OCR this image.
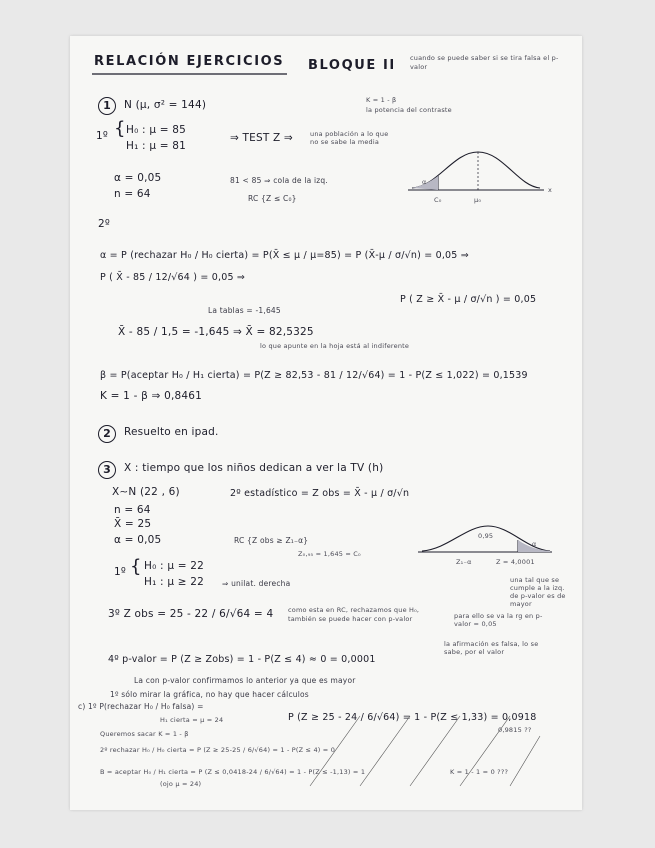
RELACIÓN EJERCICIOS BLOQUE II cuando se puede saber si se tira falsa el p-valor
1	N (μ, σ² = 144)	K = 1 - β
la potencia del contraste
1º { H₀ : μ = 85
H₁ : μ = 81
⇒ TEST Z ⇒	una población a lo que no se sabe la media
α = 0,05
n = 64
81 < 85 ⇒ cola de la izq.
RC {Z ≤ C₀}
α
C₀	μ₀
x
2º
α = P (rechazar H₀ / H₀ cierta) = P(X̄ ≤ μ / μ=85) = P (X̄-μ / σ/√n) = 0,05 ⇒
P ( X̄ - 85 / 12/√64 ) = 0,05 ⇒
P ( Z ≥ X̄ - μ / σ/√n ) = 0,05
La tablas = -1,645
X̄ - 85 / 1,5 = -1,645 ⇒ X̄ = 82,5325
lo que apunte en la hoja está al indiferente
β = P(aceptar H₀ / H₁ cierta) = P(Z ≥ 82,53 - 81 / 12/√64) = 1 - P(Z ≤ 1,022) = 0,1539
K = 1 - β ⇒ 0,8461
2	Resuelto en ipad.
3	X : tiempo que los niños dedican a ver la TV (h)
X∼N (22 , 6)	2º estadístico = Z obs = X̄ - μ / σ/√n
n = 64
X̄ = 25
α = 0,05	RC {Z obs ≥ Z₁₋α}
Z₀,₉₅ = 1,645 = C₀
0,95
α
Z₁₋α	Z = 4,0001
una tal que se cumple a la izq. de p-valor es de mayor
1º { H₀ : μ = 22
H₁ : μ ≥ 22 ⇒ unilat. derecha
3º Z obs = 25 - 22 / 6/√64 = 4 como esta en RC, rechazamos que H₀, también se puede hacer con p-valor	para ello se va la rg en p-valor = 0,05
la afirmación es falsa, lo se sabe, por el valor
4º p-valor = P (Z ≥ Zobs) = 1 - P(Z ≤ 4) ≈ 0 = 0,0001
La con p-valor confirmamos lo anterior ya que es mayor
1º sólo mirar la gráfica, no hay que hacer cálculos
c) 1º P(rechazar H₀ / H₀ falsa) =
P (Z ≥ 25 - 24 / 6/√64) = 1 - P(Z ≤ 1,33) = 0,0918
H₁ cierta = μ = 24
Queremos sacar K = 1 - β	0,9815 ??
2º rechazar H₀ / H₀ cierta = P (Z ≥ 25-25 / 6/√64) = 1 - P(Z ≤ 4) = 0
B = aceptar H₀ / H₁ cierta = P (Z ≤ 0,0418-24 / 6/√64) = 1 - P(Z ≤ -1,13) = 1
(ojo μ = 24)
K = 1 - 1 = 0 ???
